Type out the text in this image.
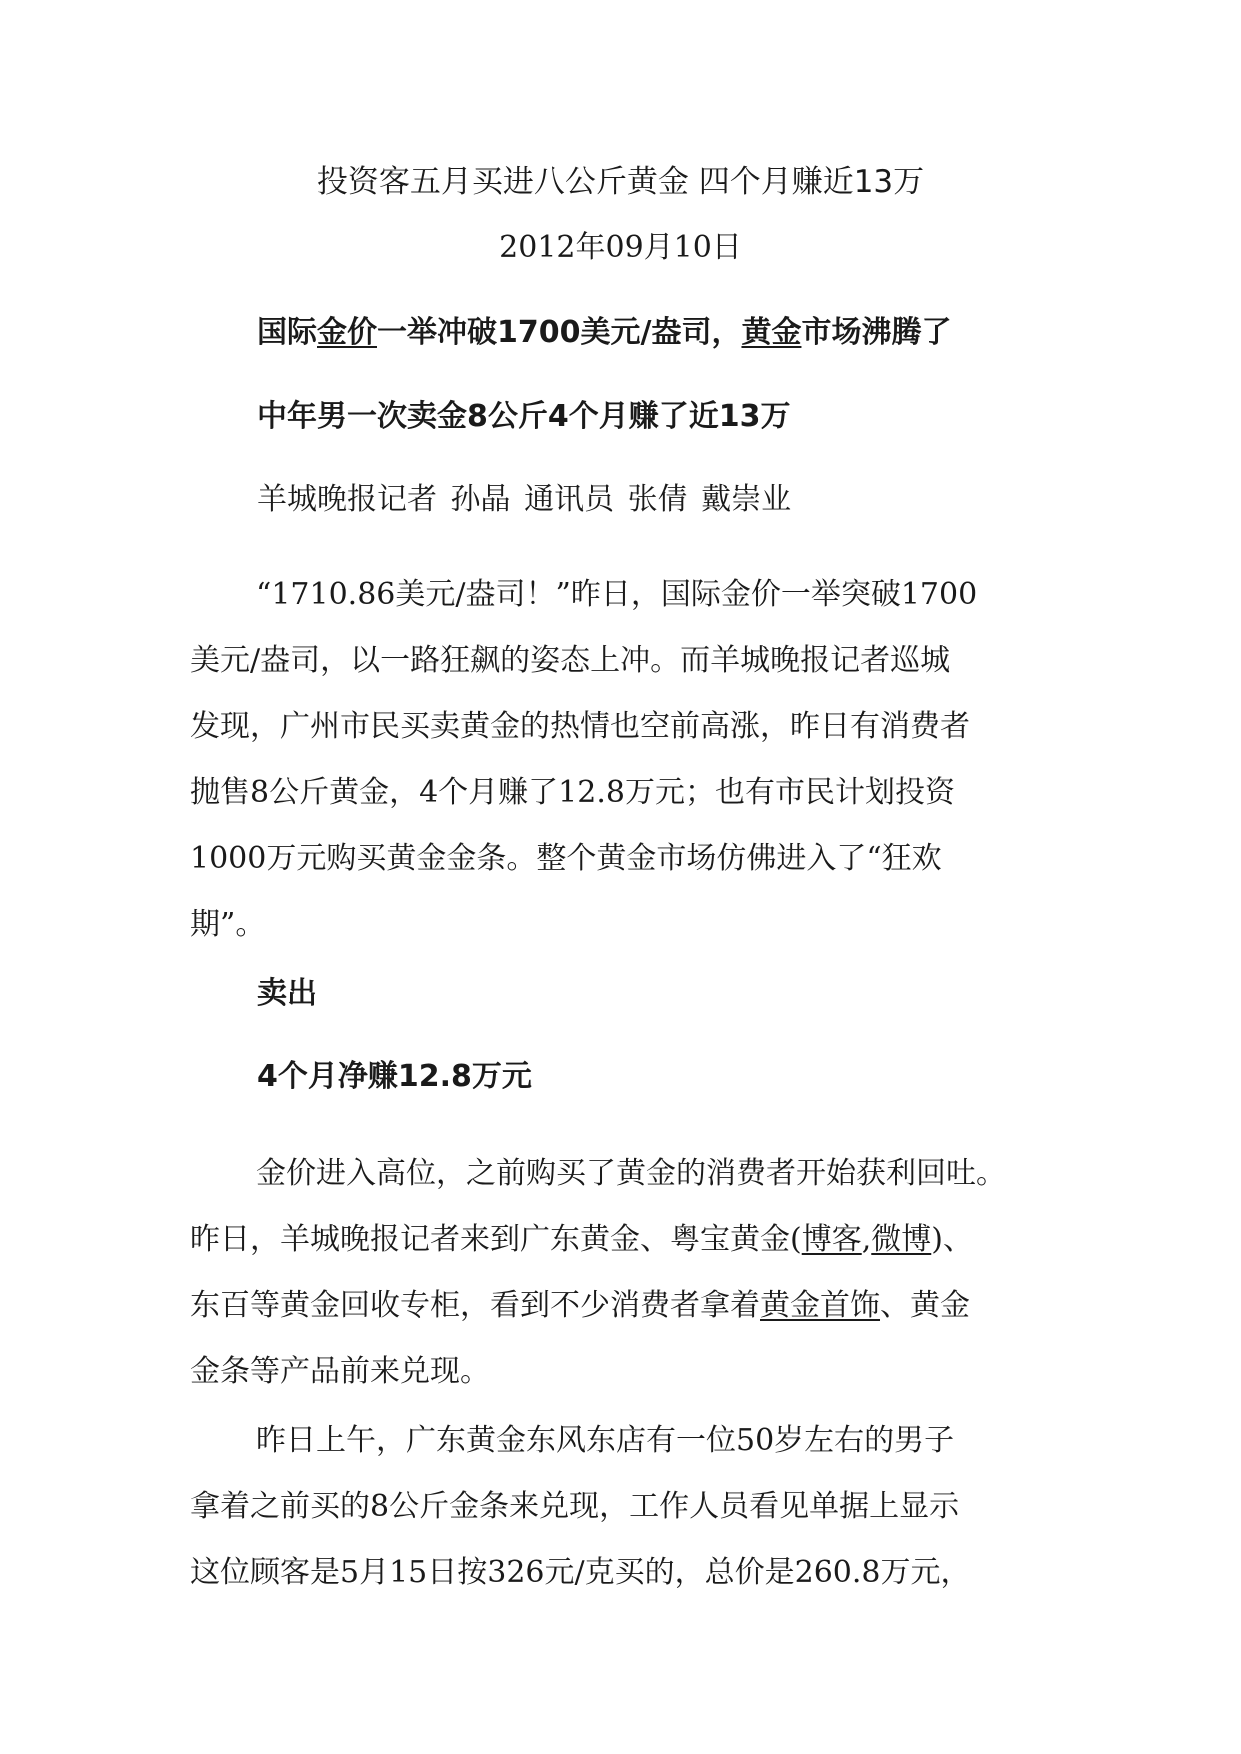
投资客五月买进八公斤黄金 四个月赚近13万
2012年09月10日
国际金价一举冲破1700美元/盎司，黄金市场沸腾了
中年男一次卖金8公斤4个月赚了近13万
羊城晚报记者 孙晶 通讯员 张倩 戴崇业
“1710.86美元/盎司！”昨日，国际金价一举突破1700
美元/盎司，以一路狂飙的姿态上冲。而羊城晚报记者巡城
发现，广州市民买卖黄金的热情也空前高涨，昨日有消费者
抛售8公斤黄金，4个月赚了12.8万元；也有市民计划投资
1000万元购买黄金金条。整个黄金市场仿佛进入了“狂欢
期”。
卖出
4个月净赚12.8万元
金价进入高位，之前购买了黄金的消费者开始获利回吐。
昨日，羊城晚报记者来到广东黄金、粤宝黄金(博客,微博)、
东百等黄金回收专柜，看到不少消费者拿着黄金首饰、黄金
金条等产品前来兑现。
昨日上午，广东黄金东风东店有一位50岁左右的男子
拿着之前买的8公斤金条来兑现，工作人员看见单据上显示
这位顾客是5月15日按326元/克买的，总价是260.8万元，
